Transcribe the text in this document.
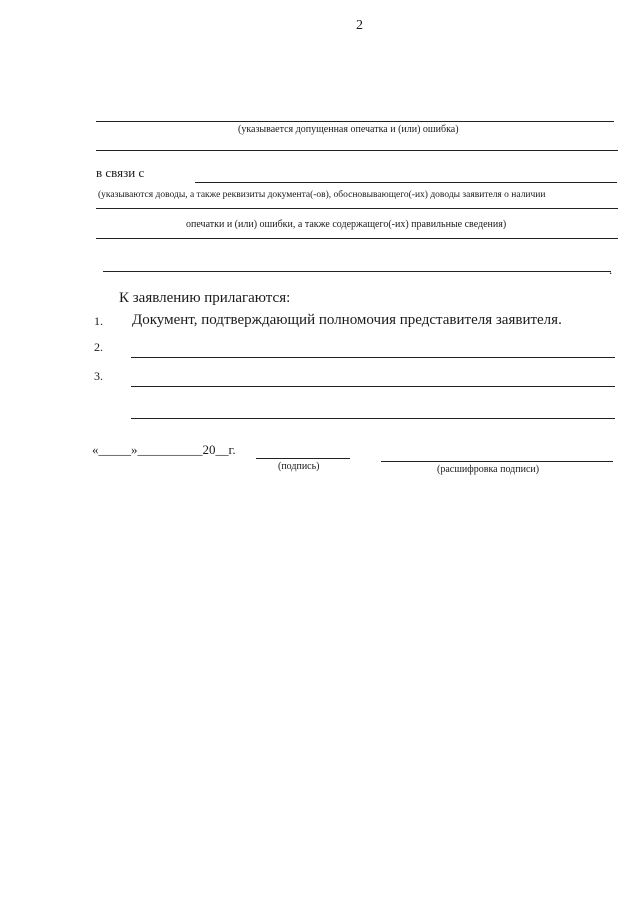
2
(указывается допущенная опечатка и (или) ошибка)
в связи с
(указываются доводы, а также реквизиты документа(-ов), обосновывающего(-их) доводы заявителя о наличии
опечатки и (или) ошибки, а также содержащего(-их) правильные сведения)
.
К заявлению прилагаются:
1. Документ, подтверждающий полномочия представителя заявителя.
2.
3.
«_____»__________20__г.
(подпись)	(расшифровка подписи)
